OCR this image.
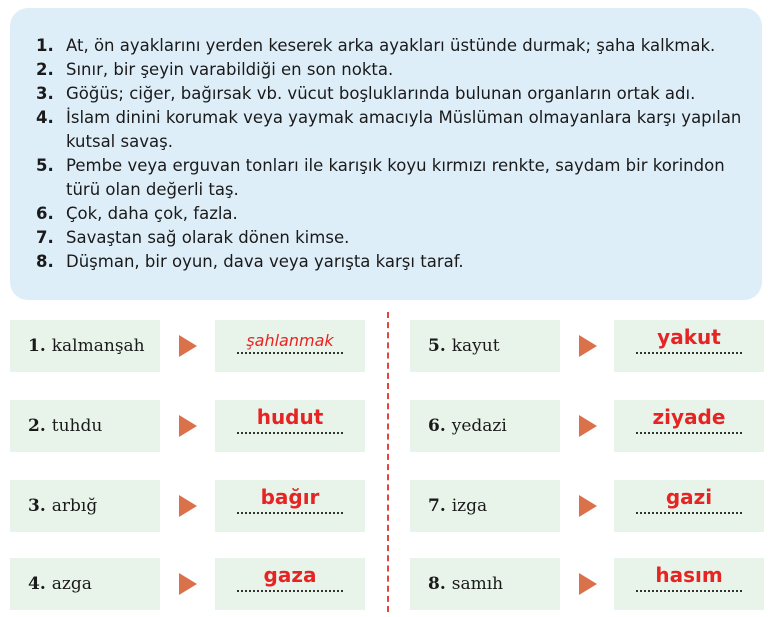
1. At, ön ayaklarını yerden keserek arka ayakları üstünde durmak; şaha kalkmak.
2. Sınır, bir şeyin varabildiği en son nokta.
3. Göğüs; ciğer, bağırsak vb. vücut boşluklarında bulunan organların ortak adı.
4. İslam dinini korumak veya yaymak amacıyla Müslüman olmayanlara karşı yapılan kutsal savaş.
5. Pembe veya erguvan tonları ile karışık koyu kırmızı renkte, saydam bir korindon türü olan değerli taş.
6. Çok, daha çok, fazla.
7. Savaştan sağ olarak dönen kimse.
8. Düşman, bir oyun, dava veya yarışta karşı taraf.
1. kalmanşah	şahlanmak
2. tuhdu	hudut
3. arbığ	bağır
4. azga	gaza
5. kayut	yakut
6. yedazi	ziyade
7. izga	gazi
8. samıh	hasım
